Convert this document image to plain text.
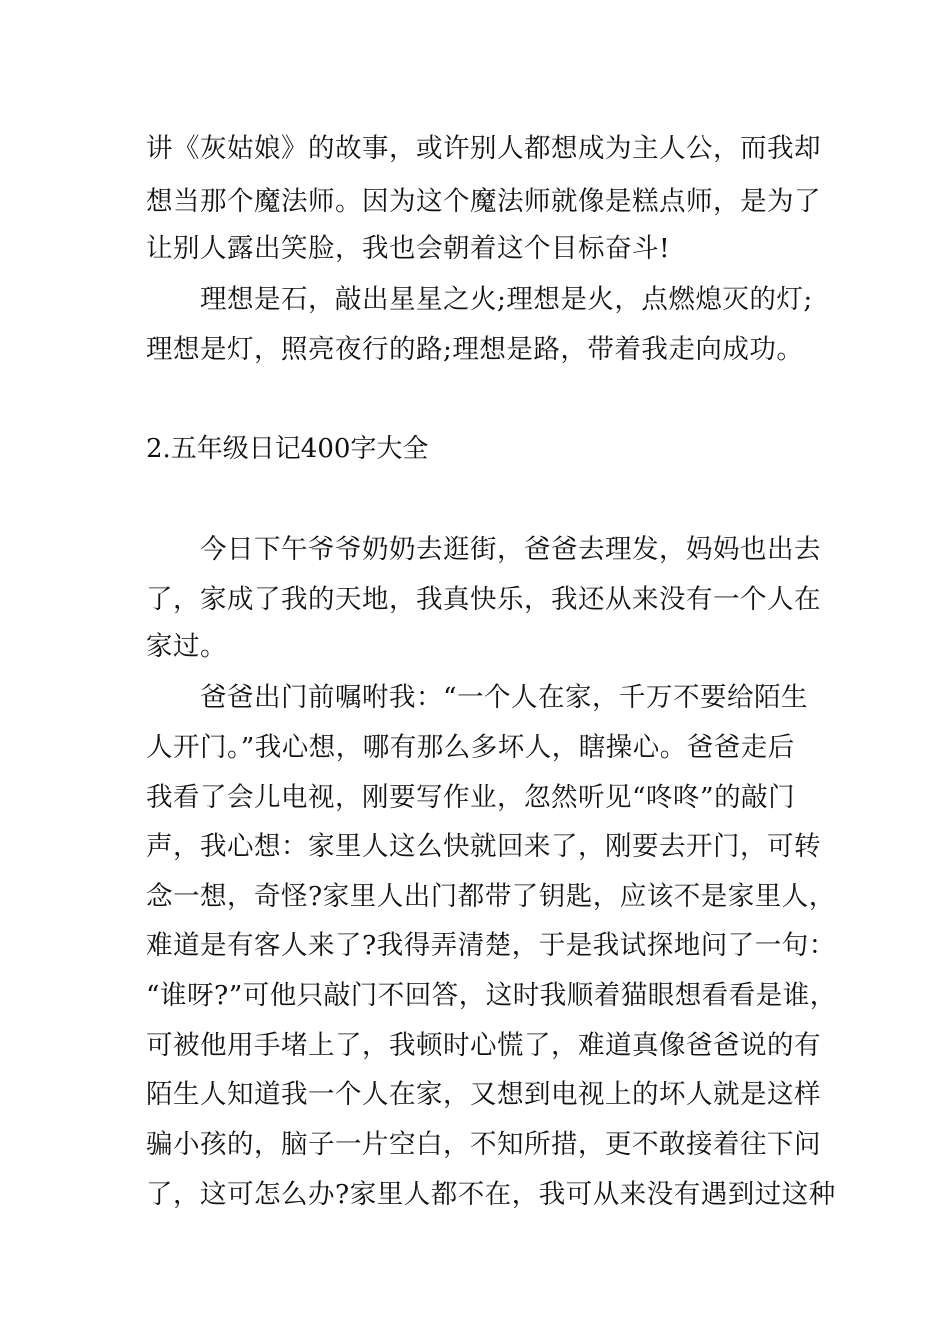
讲《灰姑娘》的故事，或许别人都想成为主人公，而我却
想当那个魔法师。因为这个魔法师就像是糕点师，是为了
让别人露出笑脸，我也会朝着这个目标奋斗!
　　理想是石，敲出星星之火;理想是火，点燃熄灭的灯;
理想是灯，照亮夜行的路;理想是路，带着我走向成功。
2.五年级日记400字大全
　　今日下午爷爷奶奶去逛街，爸爸去理发，妈妈也出去
了，家成了我的天地，我真快乐，我还从来没有一个人在
家过。
　　爸爸出门前嘱咐我：“一个人在家，千万不要给陌生
人开门。”我心想，哪有那么多坏人，瞎操心。爸爸走后
我看了会儿电视，刚要写作业，忽然听见“咚咚”的敲门
声，我心想：家里人这么快就回来了，刚要去开门，可转
念一想，奇怪?家里人出门都带了钥匙，应该不是家里人，
难道是有客人来了?我得弄清楚，于是我试探地问了一句：
“谁呀?”可他只敲门不回答，这时我顺着猫眼想看看是谁，
可被他用手堵上了，我顿时心慌了，难道真像爸爸说的有
陌生人知道我一个人在家，又想到电视上的坏人就是这样
骗小孩的，脑子一片空白，不知所措，更不敢接着往下问
了，这可怎么办?家里人都不在，我可从来没有遇到过这种
